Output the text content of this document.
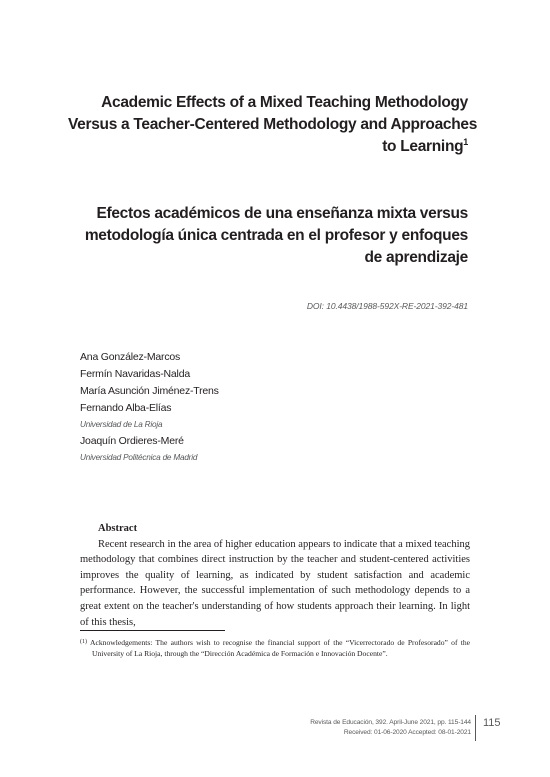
Academic Effects of a Mixed Teaching Methodology
Versus a Teacher-Centered Methodology and Approaches
to Learning$^1$
Efectos académicos de una enseñanza mixta versus
metodología única centrada en el profesor y enfoques
de aprendizaje
DOI: 10.4438/1988-592X-RE-2021-392-481
Ana González-Marcos
Fermín Navaridas-Nalda
María Asunción Jiménez-Trens
Fernando Alba-Elías
Universidad de La Rioja
Joaquín Ordieres-Meré
Universidad Politécnica de Madrid
Abstract

Recent research in the area of higher education appears to indicate that a mixed teaching methodology that combines direct instruction by the teacher and student-centered activities improves the quality of learning, as indicated by student satisfaction and academic performance. However, the successful implementation of such methodology depends to a great extent on the teacher's understanding of how students approach their learning. In light of this thesis,

$^{(1)}$ Acknowledgements: The authors wish to recognise the financial support of the “Vicerrectorado de Profesorado” of the University of La Rioja, through the “Dirección Académica de Formación e Innovación Docente”.
Revista de Educación, 392. April-June 2021, pp. 115-144
Received: 01-06-2020 Accepted: 08-01-2021
115
